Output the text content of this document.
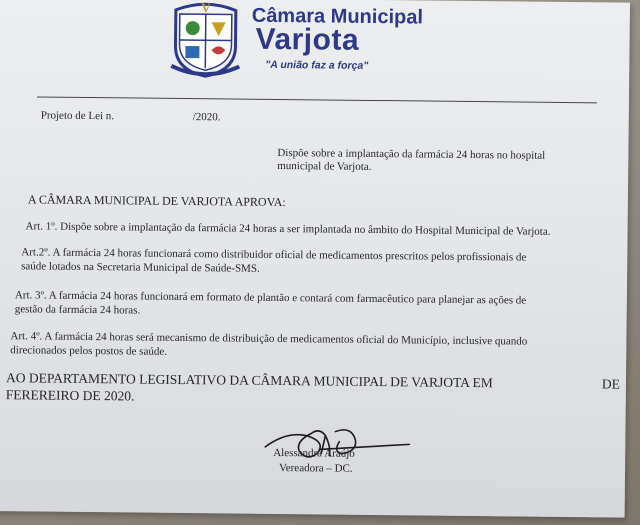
V Câmara Municipal
Varjota
"A união faz a força"
Projeto de Lei n.	/2020.
Dispõe sobre a implantação da farmácia 24 horas no hospital
municipal de Varjota.
A CÂMARA MUNICIPAL DE VARJOTA APROVA:
Art. 1º. Dispõe sobre a implantação da farmácia 24 horas a ser implantada no âmbito do Hospital Municipal de Varjota.
Art.2º. A farmácia 24 horas funcionará como distribuidor oficial de medicamentos prescritos pelos profissionais de
saúde lotados na Secretaria Municipal de Saúde-SMS.
Art. 3º. A farmácia 24 horas funcionará em formato de plantão e contará com farmacêutico para planejar as ações de
gestão da farmácia 24 horas.
Art. 4º. A farmácia 24 horas será mecanismo de distribuição de medicamentos oficial do Município, inclusive quando
direcionados pelos postos de saúde.
AO DEPARTAMENTO LEGISLATIVO DA CÂMARA MUNICIPAL DE VARJOTA EM	DE
FEREREIRO DE 2020.
Alessandra Araújo
Vereadora – DC.
